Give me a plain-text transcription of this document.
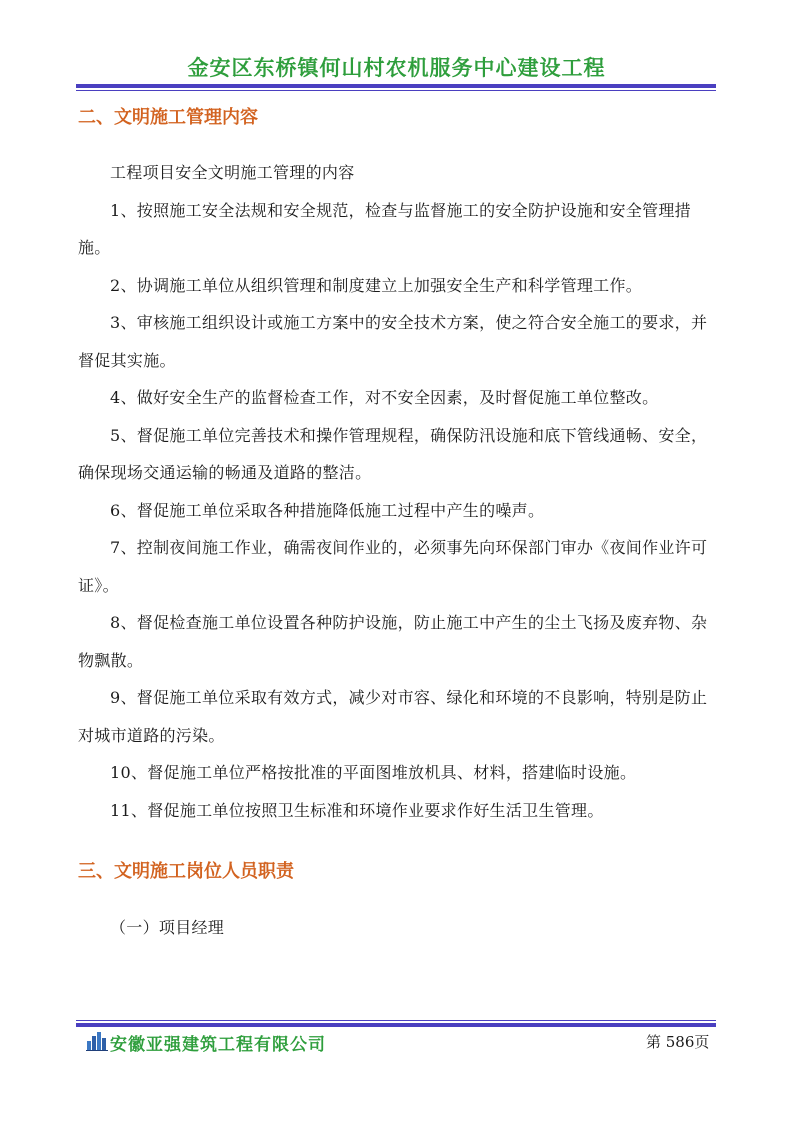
金安区东桥镇何山村农机服务中心建设工程
二、文明施工管理内容

工程项目安全文明施工管理的内容

1、按照施工安全法规和安全规范，检查与监督施工的安全防护设施和安全管理措施。

2、协调施工单位从组织管理和制度建立上加强安全生产和科学管理工作。

3、审核施工组织设计或施工方案中的安全技术方案，使之符合安全施工的要求，并督促其实施。

4、做好安全生产的监督检查工作，对不安全因素，及时督促施工单位整改。

5、督促施工单位完善技术和操作管理规程，确保防汛设施和底下管线通畅、安全，确保现场交通运输的畅通及道路的整洁。

6、督促施工单位采取各种措施降低施工过程中产生的噪声。

7、控制夜间施工作业，确需夜间作业的，必须事先向环保部门审办《夜间作业许可证》。

8、督促检查施工单位设置各种防护设施，防止施工中产生的尘土飞扬及废弃物、杂物飘散。

9、督促施工单位采取有效方式，减少对市容、绿化和环境的不良影响，特别是防止对城市道路的污染。

10、督促施工单位严格按批准的平面图堆放机具、材料，搭建临时设施。

11、督促施工单位按照卫生标准和环境作业要求作好生活卫生管理。

三、文明施工岗位人员职责

（一）项目经理

安徽亚强建筑工程有限公司	第 586页
